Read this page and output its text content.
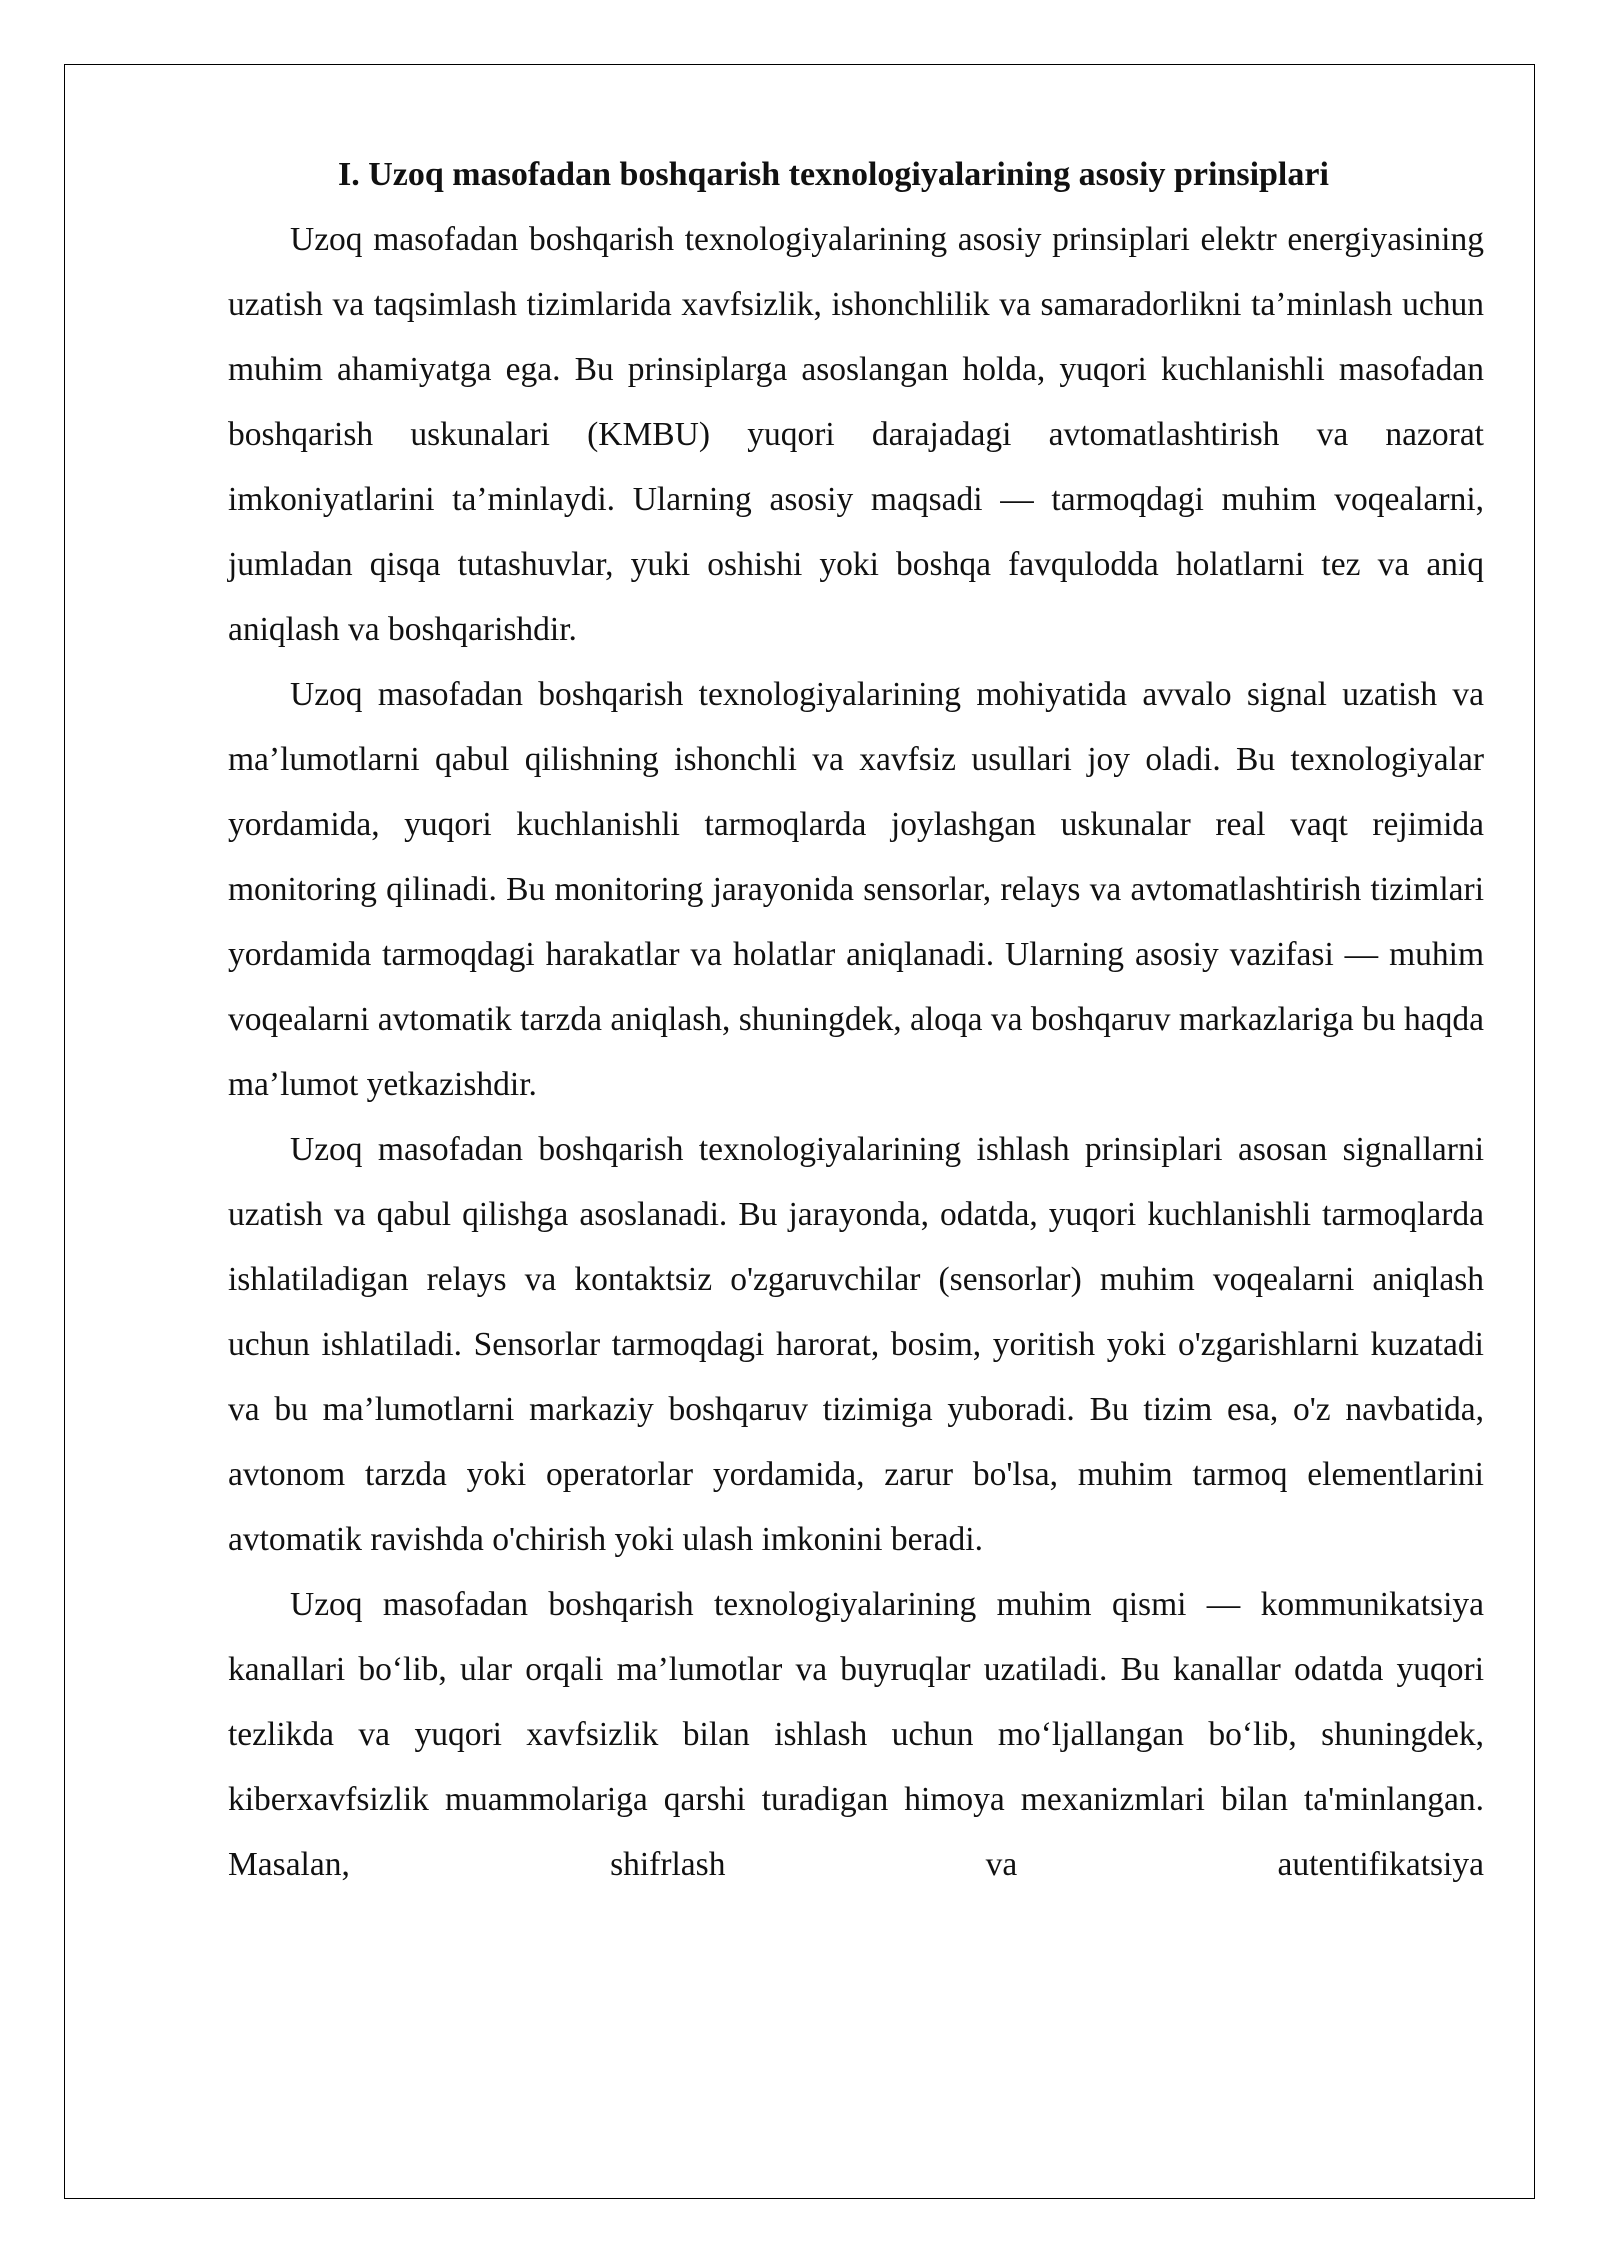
I. Uzoq masofadan boshqarish texnologiyalarining asosiy prinsiplari

Uzoq masofadan boshqarish texnologiyalarining asosiy prinsiplari elektr energiyasining uzatish va taqsimlash tizimlarida xavfsizlik, ishonchlilik va samaradorlikni ta’minlash uchun muhim ahamiyatga ega. Bu prinsiplarga asoslangan holda, yuqori kuchlanishli masofadan boshqarish uskunalari (KMBU) yuqori darajadagi avtomatlashtirish va nazorat imkoniyatlarini ta’minlaydi. Ularning asosiy maqsadi — tarmoqdagi muhim voqealarni, jumladan qisqa tutashuvlar, yuki oshishi yoki boshqa favqulodda holatlarni tez va aniq aniqlash va boshqarishdir.

Uzoq masofadan boshqarish texnologiyalarining mohiyatida avvalo signal uzatish va ma’lumotlarni qabul qilishning ishonchli va xavfsiz usullari joy oladi. Bu texnologiyalar yordamida, yuqori kuchlanishli tarmoqlarda joylashgan uskunalar real vaqt rejimida monitoring qilinadi. Bu monitoring jarayonida sensorlar, relays va avtomatlashtirish tizimlari yordamida tarmoqdagi harakatlar va holatlar aniqlanadi. Ularning asosiy vazifasi — muhim voqealarni avtomatik tarzda aniqlash, shuningdek, aloqa va boshqaruv markazlariga bu haqda ma’lumot yetkazishdir.

Uzoq masofadan boshqarish texnologiyalarining ishlash prinsiplari asosan signallarni uzatish va qabul qilishga asoslanadi. Bu jarayonda, odatda, yuqori kuchlanishli tarmoqlarda ishlatiladigan relays va kontaktsiz o'zgaruvchilar (sensorlar) muhim voqealarni aniqlash uchun ishlatiladi. Sensorlar tarmoqdagi harorat, bosim, yoritish yoki o'zgarishlarni kuzatadi va bu ma’lumotlarni markaziy boshqaruv tizimiga yuboradi. Bu tizim esa, o'z navbatida, avtonom tarzda yoki operatorlar yordamida, zarur bo'lsa, muhim tarmoq elementlarini avtomatik ravishda o'chirish yoki ulash imkonini beradi.

Uzoq masofadan boshqarish texnologiyalarining muhim qismi — kommunikatsiya kanallari bo‘lib, ular orqali ma’lumotlar va buyruqlar uzatiladi. Bu kanallar odatda yuqori tezlikda va yuqori xavfsizlik bilan ishlash uchun mo‘ljallangan bo‘lib, shuningdek, kiberxavfsizlik muammolariga qarshi turadigan himoya mexanizmlari bilan ta'minlangan. Masalan, shifrlash va autentifikatsiya
